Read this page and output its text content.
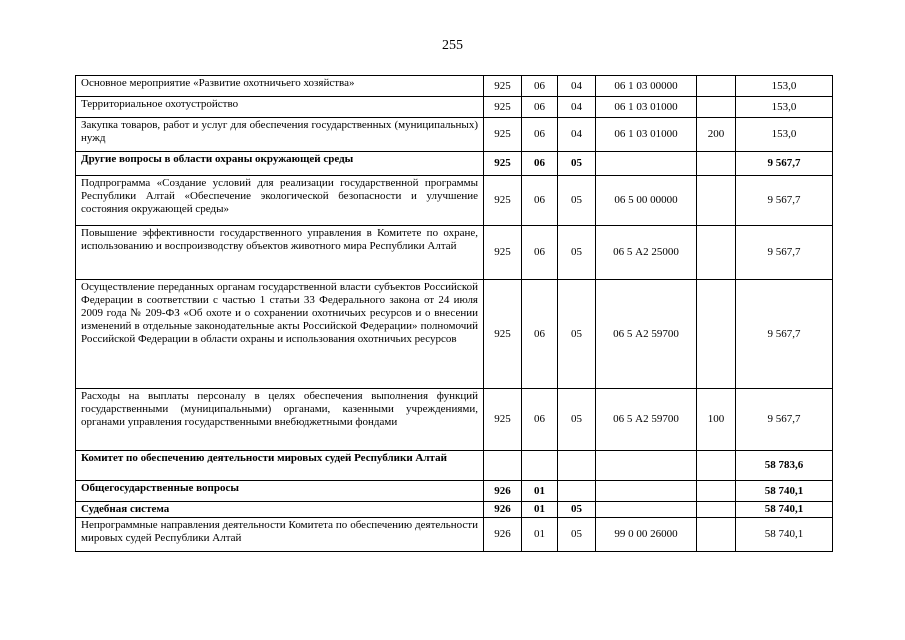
255
Основное мероприятие «Развитие охотничьего хозяйства»	925	06	04	06 1 03 00000		153,0
Территориальное охотустройство	925	06	04	06 1 03 01000		153,0
Закупка товаров, работ и услуг для обеспечения государственных (муниципальных) нужд	925	06	04	06 1 03 01000	200	153,0
Другие вопросы в области охраны окружающей среды	925	06	05			9 567,7
Подпрограмма «Создание условий для реализации государственной программы Республики Алтай «Обеспечение экологической безопасности и улучшение состояния окружающей среды»	925	06	05	06 5 00 00000		9 567,7
Повышение эффективности государственного управления в Комитете по охране, использованию и воспроизводству объектов животного мира Республики Алтай	925	06	05	06 5 А2 25000		9 567,7
Осуществление переданных органам государственной власти субъектов Российской Федерации в соответствии с частью 1 статьи 33 Федерального закона от 24 июля 2009 года № 209-ФЗ «Об охоте и о сохранении охотничьих ресурсов и о внесении изменений в отдельные законодательные акты Российской Федерации» полномочий Российской Федерации в области охраны и использования охотничьих ресурсов	925	06	05	06 5 А2 59700		9 567,7
Расходы на выплаты персоналу в целях обеспечения выполнения функций государственными (муниципальными) органами, казенными учреждениями, органами управления государственными внебюджетными фондами	925	06	05	06 5 А2 59700	100	9 567,7
Комитет по обеспечению деятельности мировых судей Республики Алтай						58 783,6
Общегосударственные вопросы	926	01				58 740,1
Судебная система	926	01	05			58 740,1
Непрограммные направления деятельности Комитета по обеспечению деятельности мировых судей Республики Алтай	926	01	05	99 0 00 26000		58 740,1
